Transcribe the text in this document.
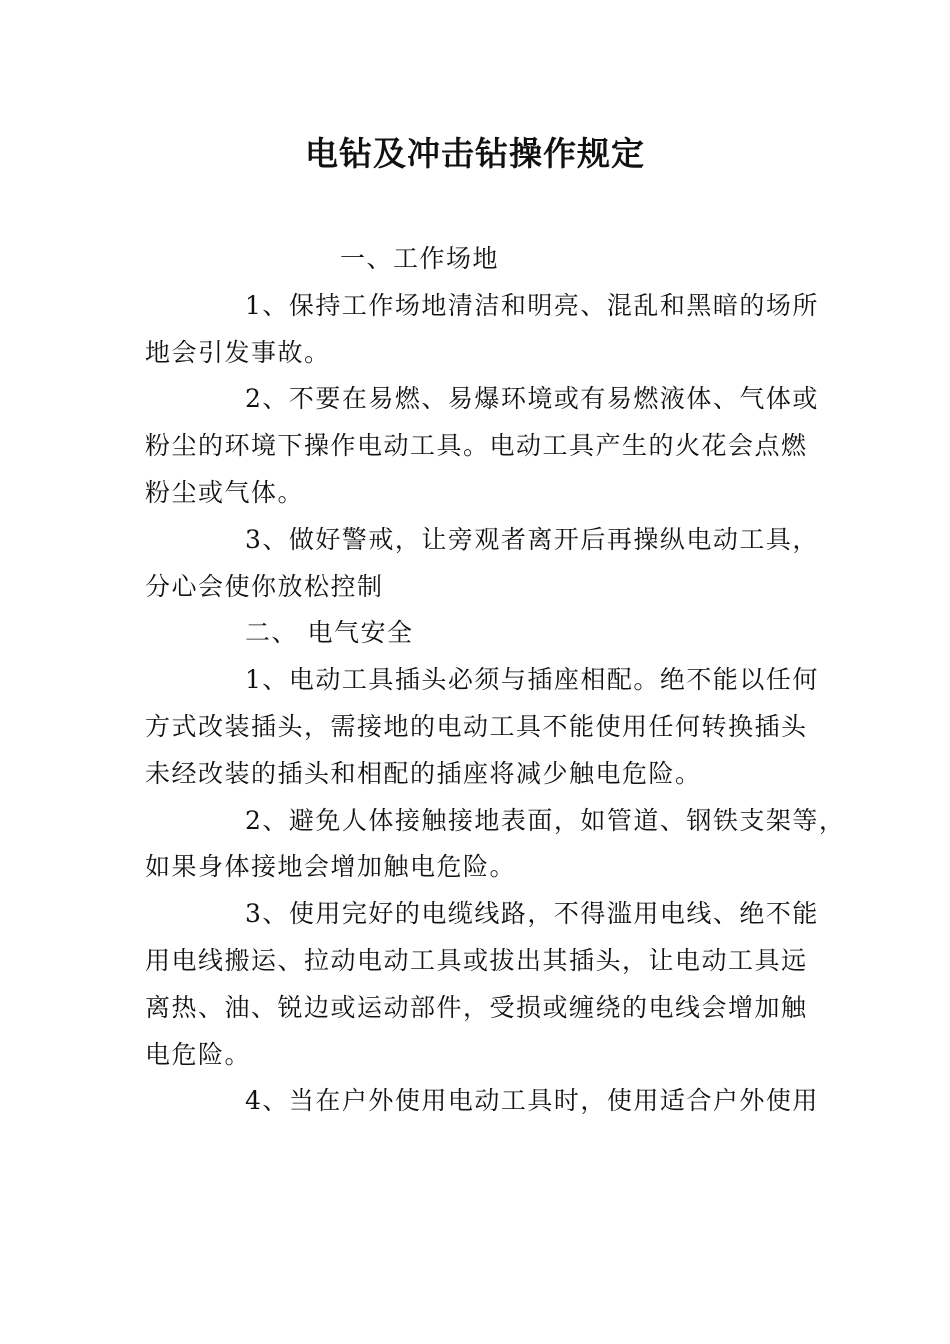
电钻及冲击钻操作规定

一、工作场地

1、保持工作场地清洁和明亮、混乱和黑暗的场所

地会引发事故。

2、不要在易燃、易爆环境或有易燃液体、气体或

粉尘的环境下操作电动工具。电动工具产生的火花会点燃

粉尘或气体。

3、做好警戒，让旁观者离开后再操纵电动工具，

分心会使你放松控制

二、 电气安全

1、电动工具插头必须与插座相配。绝不能以任何

方式改装插头，需接地的电动工具不能使用任何转换插头

未经改装的插头和相配的插座将减少触电危险。

2、避免人体接触接地表面，如管道、钢铁支架等，

如果身体接地会增加触电危险。

3、使用完好的电缆线路，不得滥用电线、绝不能

用电线搬运、拉动电动工具或拔出其插头，让电动工具远

离热、油、锐边或运动部件，受损或缠绕的电线会增加触

电危险。

4、当在户外使用电动工具时，使用适合户外使用
